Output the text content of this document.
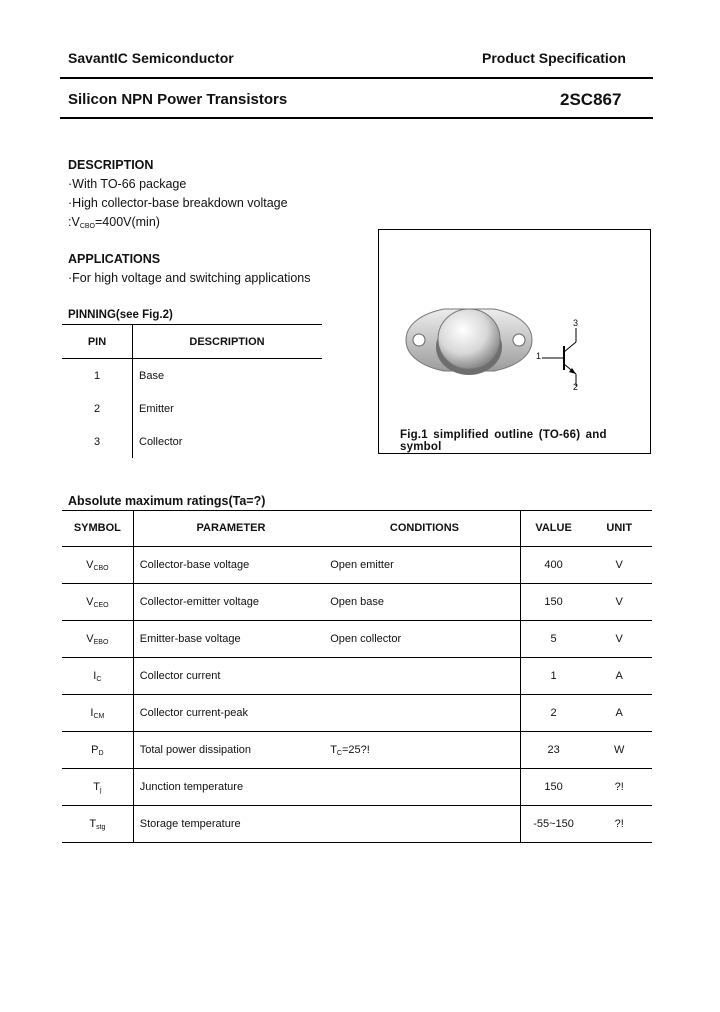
SavantIC Semiconductor	Product Specification
Silicon NPN Power Transistors	2SC867
DESCRIPTION
·With TO-66 package
·High collector-base breakdown voltage
$:V_{CBO}=400V(\min)$
APPLICATIONS
·For high voltage and switching applications
PINNING(see Fig.2)
PIN	DESCRIPTION
1	Base
2	Emitter
3	Collector
3
1
2
Fig.1 simplified outline (TO-66) and symbol
Absolute maximum ratings(Ta=?)
SYMBOL	PARAMETER	CONDITIONS	VALUE	UNIT
$V_{CBO}$	Collector-base voltage	Open emitter	400	V
$V_{CEO}$	Collector-emitter voltage	Open base	150	V
$V_{EBO}$	Emitter-base voltage	Open collector	5	V
$I_C$	Collector current		1	A
$I_{CM}$	Collector current-peak		2	A
$P_D$	Total power dissipation	$T_C=25$?!	23	W
$T_j$	Junction temperature		150	?!
$T_{stg}$	Storage temperature		-55~150	?!
